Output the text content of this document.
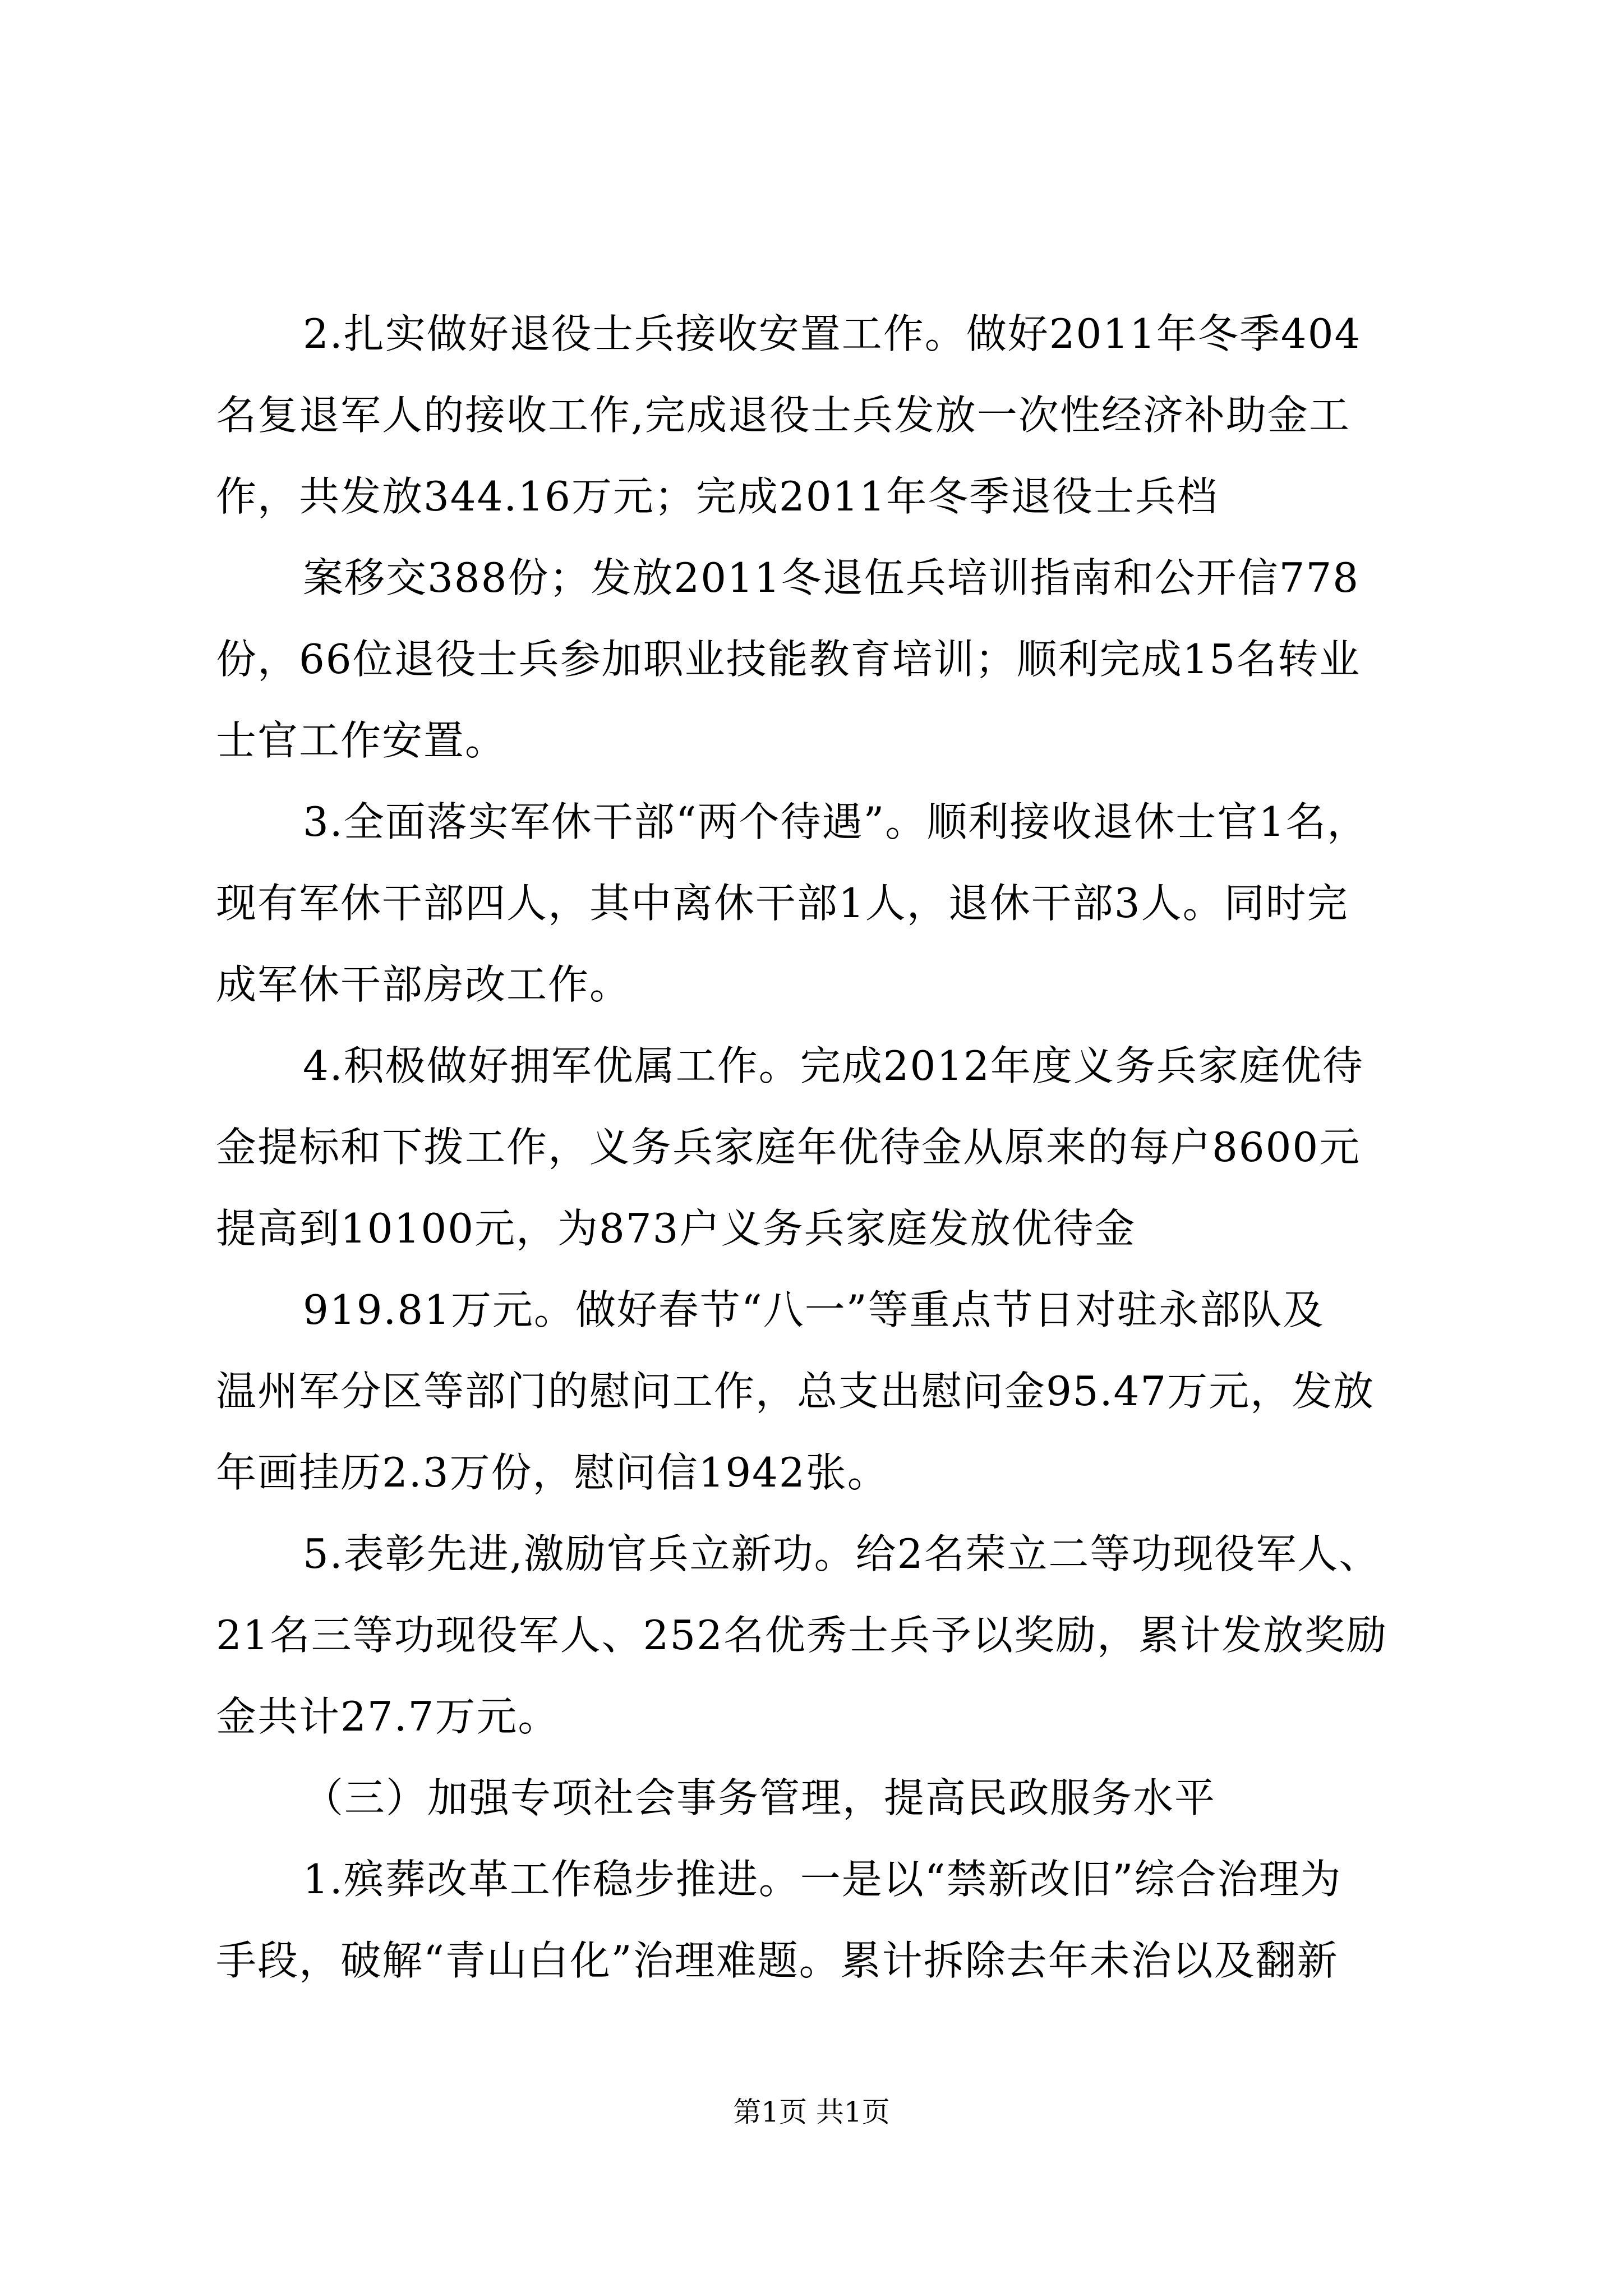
2.扎实做好退役士兵接收安置工作。做好2011年冬季404
名复退军人的接收工作,完成退役士兵发放一次性经济补助金工
作，共发放344.16万元；完成2011年冬季退役士兵档
案移交388份；发放2011冬退伍兵培训指南和公开信778
份，66位退役士兵参加职业技能教育培训；顺利完成15名转业
士官工作安置。
3.全面落实军休干部“两个待遇”。顺利接收退休士官1名，
现有军休干部四人，其中离休干部1人，退休干部3人。同时完
成军休干部房改工作。
4.积极做好拥军优属工作。完成2012年度义务兵家庭优待
金提标和下拨工作，义务兵家庭年优待金从原来的每户8600元
提高到10100元，为873户义务兵家庭发放优待金
919.81万元。做好春节“八一”等重点节日对驻永部队及
温州军分区等部门的慰问工作，总支出慰问金95.47万元，发放
年画挂历2.3万份，慰问信1942张。
5.表彰先进,激励官兵立新功。给2名荣立二等功现役军人、
21名三等功现役军人、252名优秀士兵予以奖励，累计发放奖励
金共计27.7万元。
（三）加强专项社会事务管理，提高民政服务水平
1.殡葬改革工作稳步推进。一是以“禁新改旧”综合治理为
手段，破解“青山白化”治理难题。累计拆除去年未治以及翻新
第1页 共1页
